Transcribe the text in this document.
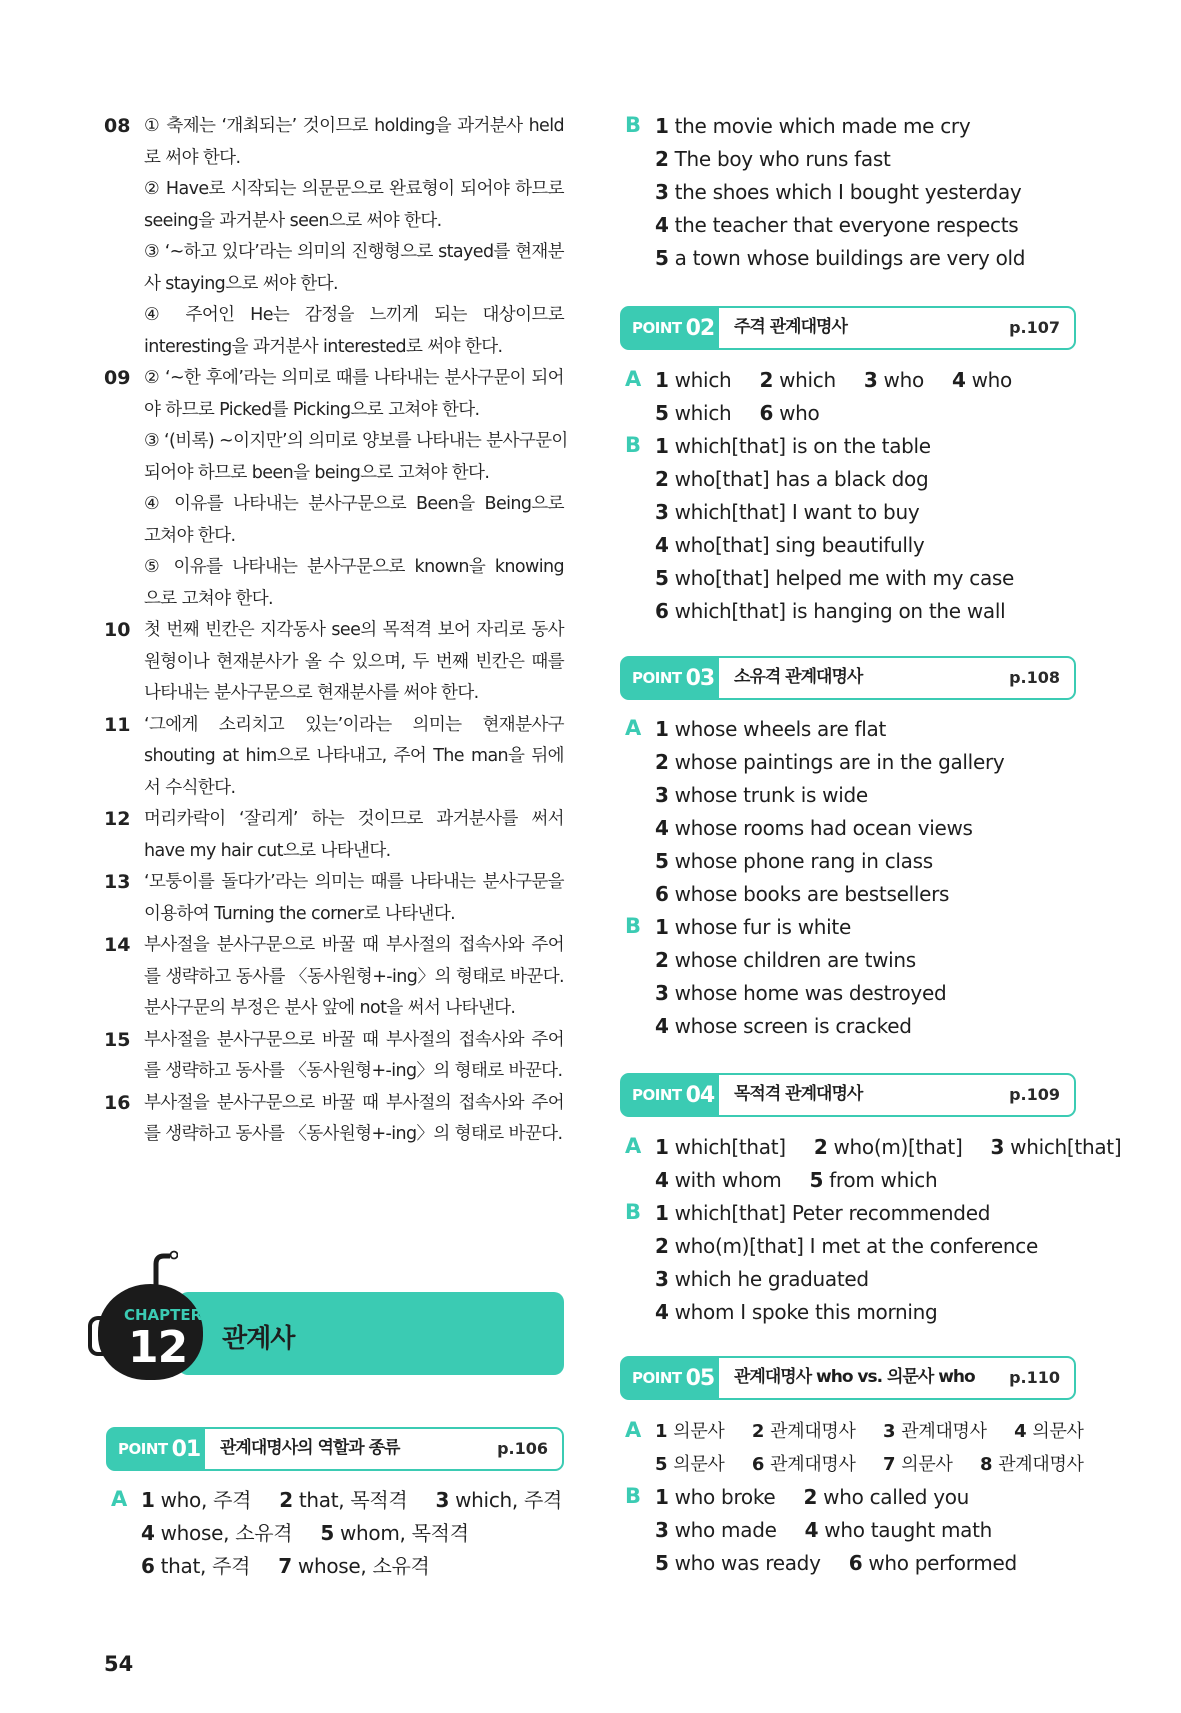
08 ① 축제는 ‘개최되는’ 것이므로 holding을 과거분사 held
로 써야 한다.
② Have로 시작되는 의문문으로 완료형이 되어야 하므로
seeing을 과거분사 seen으로 써야 한다.
③ ‘~하고 있다’라는 의미의 진행형으로 stayed를 현재분
사 staying으로 써야 한다.
④ 주어인 He는 감정을 느끼게 되는 대상이므로
interesting을 과거분사 interested로 써야 한다.
09 ② ‘~한 후에’라는 의미로 때를 나타내는 분사구문이 되어
야 하므로 Picked를 Picking으로 고쳐야 한다.
③ ‘(비록) ~이지만’의 의미로 양보를 나타내는 분사구문이
되어야 하므로 been을 being으로 고쳐야 한다.
④ 이유를 나타내는 분사구문으로 Been을 Being으로
고쳐야 한다.
⑤ 이유를 나타내는 분사구문으로 known을 knowing
으로 고쳐야 한다.
10 첫 번째 빈칸은 지각동사 see의 목적격 보어 자리로 동사
원형이나 현재분사가 올 수 있으며, 두 번째 빈칸은 때를
나타내는 분사구문으로 현재분사를 써야 한다.
11 ‘그에게 소리치고 있는’이라는 의미는 현재분사구
shouting at him으로 나타내고, 주어 The man을 뒤에
서 수식한다.
12 머리카락이 ‘잘리게’ 하는 것이므로 과거분사를 써서
have my hair cut으로 나타낸다.
13 ‘모퉁이를 돌다가’라는 의미는 때를 나타내는 분사구문을
이용하여 Turning the corner로 나타낸다.
14 부사절을 분사구문으로 바꿀 때 부사절의 접속사와 주어
를 생략하고 동사를 〈동사원형+-ing〉의 형태로 바꾼다.
분사구문의 부정은 분사 앞에 not을 써서 나타낸다.
15 부사절을 분사구문으로 바꿀 때 부사절의 접속사와 주어
를 생략하고 동사를 〈동사원형+-ing〉의 형태로 바꾼다.
16 부사절을 분사구문으로 바꿀 때 부사절의 접속사와 주어
를 생략하고 동사를 〈동사원형+-ing〉의 형태로 바꾼다.
관계사
CHAPTER
12
POINT 01 관계대명사의 역할과 종류	p.106
A 1 who, 주격 2 that, 목적격 3 which, 주격
4 whose, 소유격 5 whom, 목적격
6 that, 주격 7 whose, 소유격
B 1 the movie which made me cry
2 The boy who runs fast
3 the shoes which I bought yesterday
4 the teacher that everyone respects
5 a town whose buildings are very old
POINT 02 주격 관계대명사	p.107
A 1 which 2 which 3 who 4 who
5 which 6 who
B 1 which[that] is on the table
2 who[that] has a black dog
3 which[that] I want to buy
4 who[that] sing beautifully
5 who[that] helped me with my case
6 which[that] is hanging on the wall
POINT 03 소유격 관계대명사	p.108
A 1 whose wheels are flat
2 whose paintings are in the gallery
3 whose trunk is wide
4 whose rooms had ocean views
5 whose phone rang in class
6 whose books are bestsellers
B 1 whose fur is white
2 whose children are twins
3 whose home was destroyed
4 whose screen is cracked
POINT 04 목적격 관계대명사	p.109
A 1 which[that] 2 who(m)[that] 3 which[that]
4 with whom 5 from which
B 1 which[that] Peter recommended
2 who(m)[that] I met at the conference
3 which he graduated
4 whom I spoke this morning
POINT 05 관계대명사 who vs. 의문사 who p.110
A 1 의문사 2 관계대명사 3 관계대명사 4 의문사
5 의문사 6 관계대명사 7 의문사 8 관계대명사
B 1 who broke 2 who called you
3 who made 4 who taught math
5 who was ready 6 who performed
54
